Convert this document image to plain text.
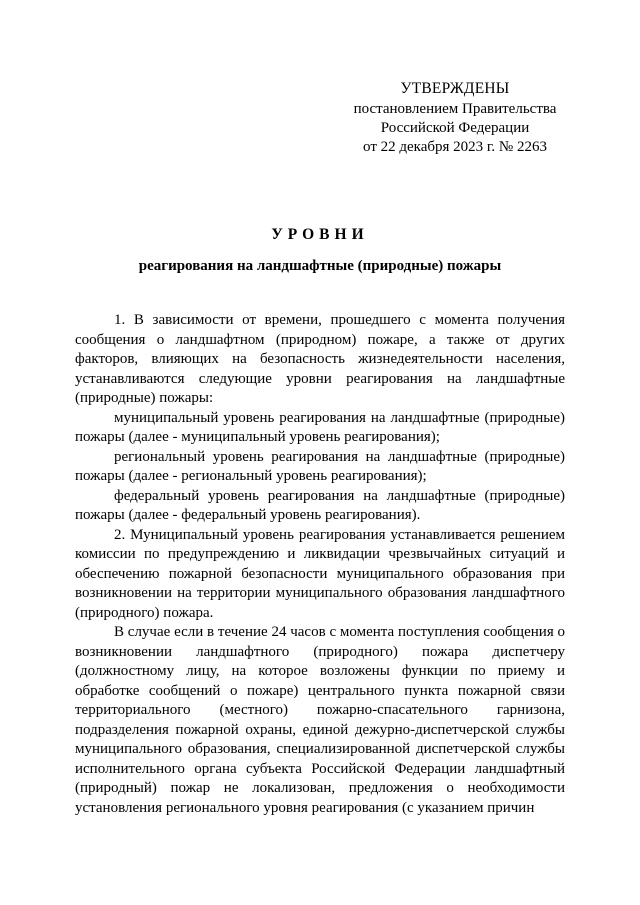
УТВЕРЖДЕНЫ
постановлением Правительства
Российской Федерации
от 22 декабря 2023 г. № 2263
УРОВНИ
реагирования на ландшафтные (природные) пожары

1. В зависимости от времени, прошедшего с момента получения сообщения о ландшафтном (природном) пожаре, а также от других факторов, влияющих на безопасность жизнедеятельности населения, устанавливаются следующие уровни реагирования на ландшафтные (природные) пожары:

муниципальный уровень реагирования на ландшафтные (природные) пожары (далее - муниципальный уровень реагирования);

региональный уровень реагирования на ландшафтные (природные) пожары (далее - региональный уровень реагирования);

федеральный уровень реагирования на ландшафтные (природные) пожары (далее - федеральный уровень реагирования).

2. Муниципальный уровень реагирования устанавливается решением комиссии по предупреждению и ликвидации чрезвычайных ситуаций и обеспечению пожарной безопасности муниципального образования при возникновении на территории муниципального образования ландшафтного (природного) пожара.

В случае если в течение 24 часов с момента поступления сообщения о возникновении ландшафтного (природного) пожара диспетчеру (должностному лицу, на которое возложены функции по приему и обработке сообщений о пожаре) центрального пункта пожарной связи территориального (местного) пожарно-спасательного гарнизона, подразделения пожарной охраны, единой дежурно-диспетчерской службы муниципального образования, специализированной диспетчерской службы исполнительного органа субъекта Российской Федерации ландшафтный (природный) пожар не локализован, предложения о необходимости установления регионального уровня реагирования (с указанием причин
